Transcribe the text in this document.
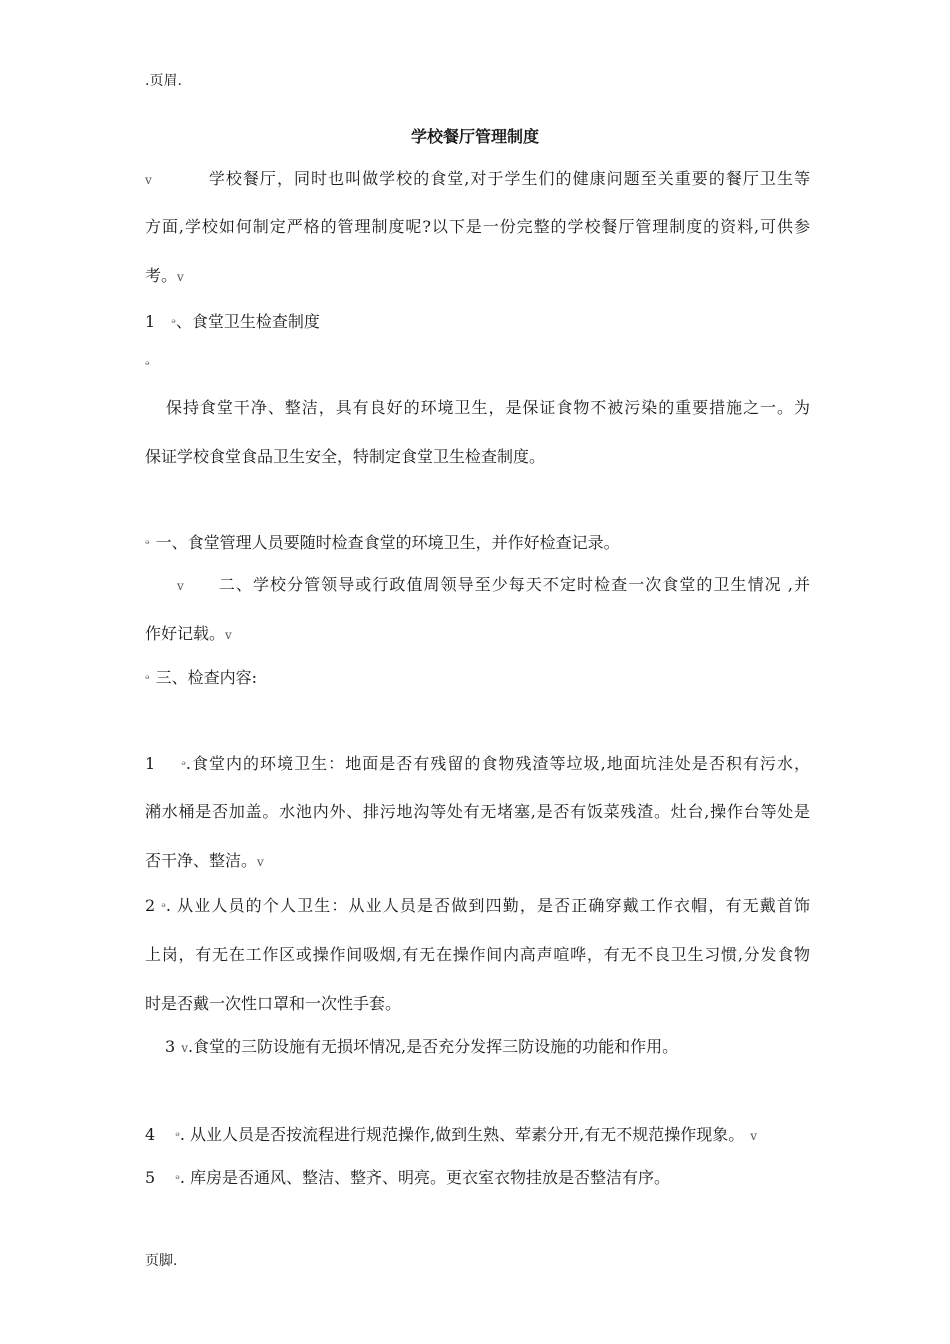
.页眉.
学校餐厅管理制度
ᴠ	学校餐厅，同时也叫做学校的食堂,对于学生们的健康问题至关重要的餐厅卫生等
方面,学校如何制定严格的管理制度呢?以下是一份完整的学校餐厅管理制度的资料,可供参
考。ᴠ
1 ᵊ、食堂卫生检查制度
ᵊ
保持食堂干净、整洁，具有良好的环境卫生，是保证食物不被污染的重要措施之一。为
保证学校食堂食品卫生安全，特制定食堂卫生检查制度。
ᵊ 一、食堂管理人员要随时检查食堂的环境卫生，并作好检查记录。
ᴠ 二、学校分管领导或行政值周领导至少每天不定时检查一次食堂的卫生情况 ,并
作好记载。ᴠ
ᵊ 三、检查内容:
1 ᵊ.食堂内的环境卫生：地面是否有残留的食物残渣等垃圾,地面坑洼处是否积有污水，
潲水桶是否加盖。水池内外、排污地沟等处有无堵塞,是否有饭菜残渣。灶台,操作台等处是
否干净、整洁。ᴠ
2 ᵊ. 从业人员的个人卫生：从业人员是否做到四勤，是否正确穿戴工作衣帽，有无戴首饰
上岗，有无在工作区或操作间吸烟,有无在操作间内高声喧哗，有无不良卫生习惯,分发食物
时是否戴一次性口罩和一次性手套。
3 ᴠ.食堂的三防设施有无损坏情况,是否充分发挥三防设施的功能和作用。
4 ᵊ. 从业人员是否按流程进行规范操作,做到生熟、荤素分开,有无不规范操作现象。 ᴠ
5 ᵊ. 库房是否通风、整洁、整齐、明亮。更衣室衣物挂放是否整洁有序。
页脚.
